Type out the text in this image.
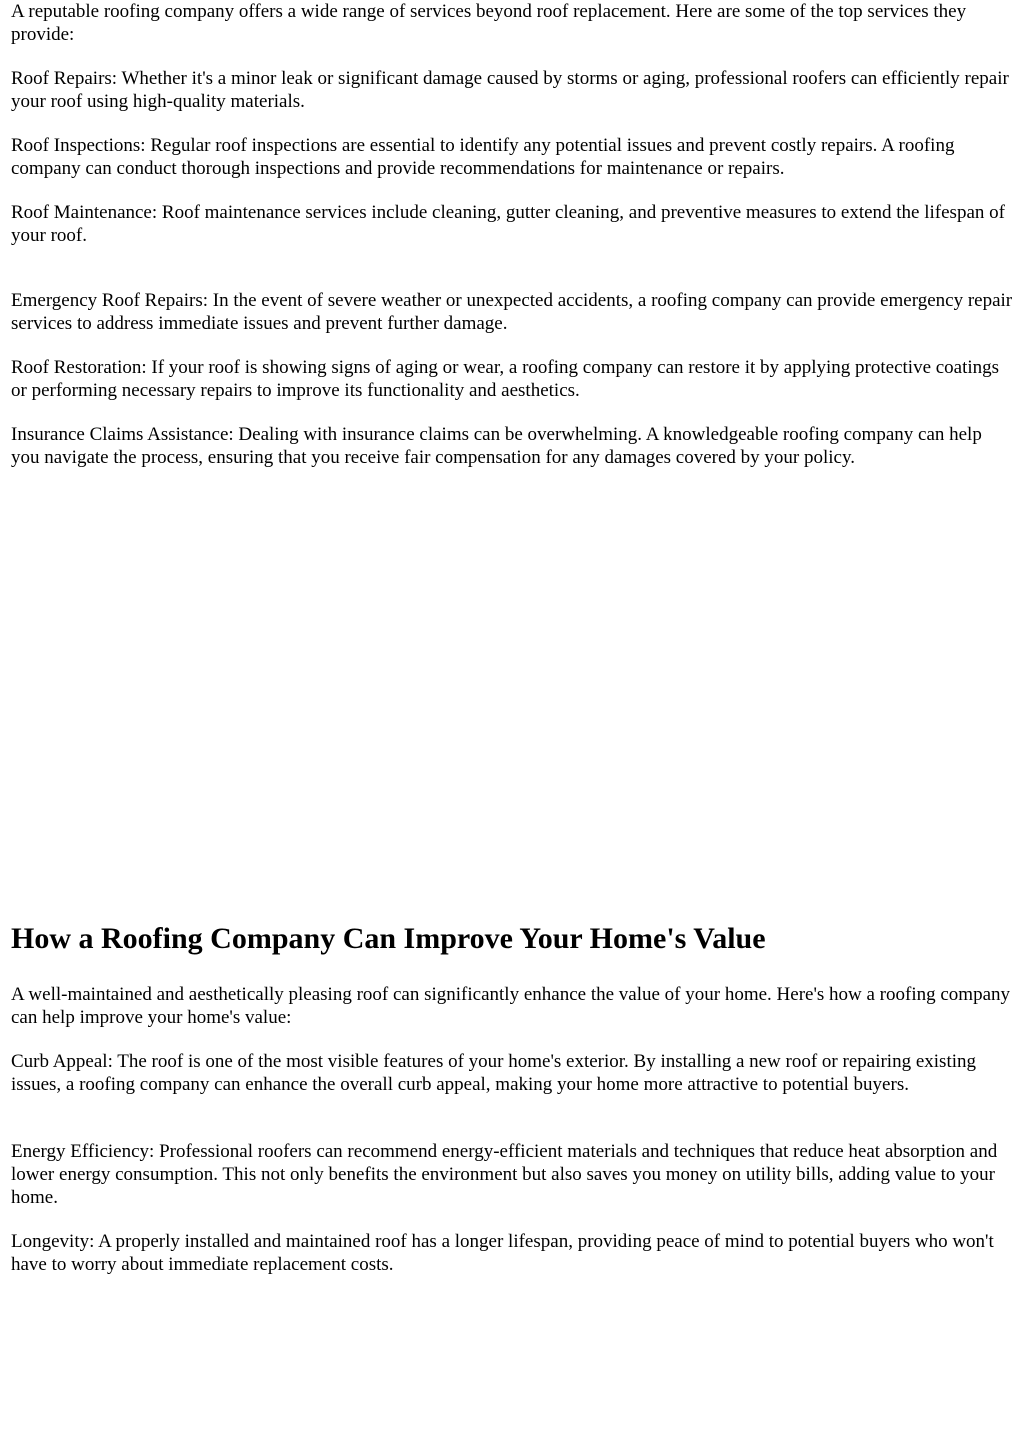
A reputable roofing company offers a wide range of services beyond roof replacement. Here are some of the top services they provide:

Roof Repairs: Whether it's a minor leak or significant damage caused by storms or aging, professional roofers can efficiently repair your roof using high-quality materials.

Roof Inspections: Regular roof inspections are essential to identify any potential issues and prevent costly repairs. A roofing company can conduct thorough inspections and provide recommendations for maintenance or repairs.

Roof Maintenance: Roof maintenance services include cleaning, gutter cleaning, and preventive measures to extend the lifespan of your roof.

Emergency Roof Repairs: In the event of severe weather or unexpected accidents, a roofing company can provide emergency repair services to address immediate issues and prevent further damage.

Roof Restoration: If your roof is showing signs of aging or wear, a roofing company can restore it by applying protective coatings or performing necessary repairs to improve its functionality and aesthetics.

Insurance Claims Assistance: Dealing with insurance claims can be overwhelming. A knowledgeable roofing company can help you navigate the process, ensuring that you receive fair compensation for any damages covered by your policy.

How a Roofing Company Can Improve Your Home's Value

A well-maintained and aesthetically pleasing roof can significantly enhance the value of your home. Here's how a roofing company can help improve your home's value:

Curb Appeal: The roof is one of the most visible features of your home's exterior. By installing a new roof or repairing existing issues, a roofing company can enhance the overall curb appeal, making your home more attractive to potential buyers.

Energy Efficiency: Professional roofers can recommend energy-efficient materials and techniques that reduce heat absorption and lower energy consumption. This not only benefits the environment but also saves you money on utility bills, adding value to your home.

Longevity: A properly installed and maintained roof has a longer lifespan, providing peace of mind to potential buyers who won't have to worry about immediate replacement costs.
